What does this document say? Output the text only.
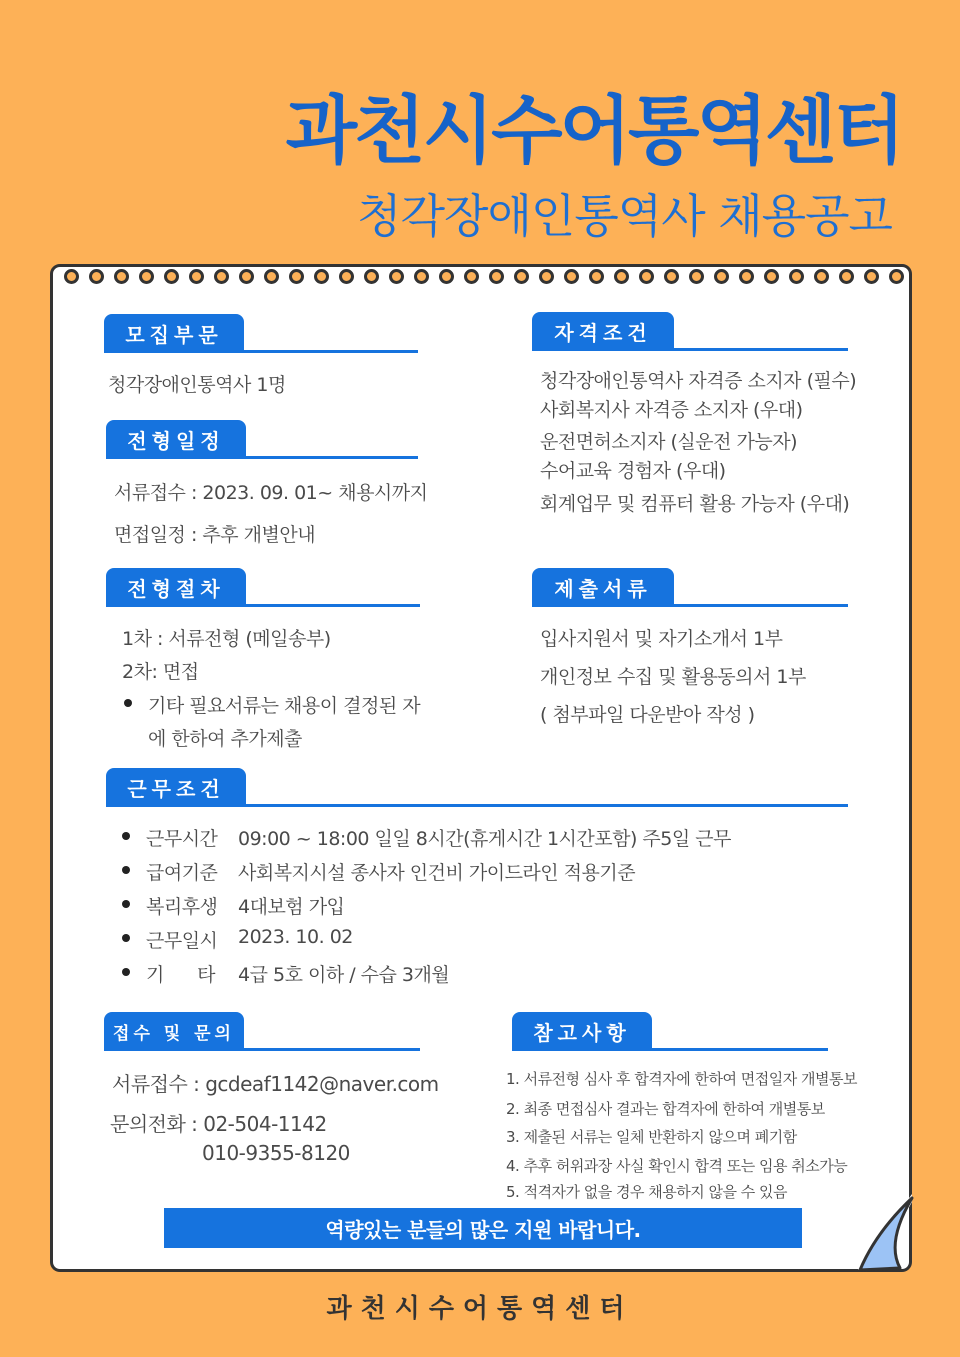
과천시수어통역센터
청각장애인통역사 채용공고
모집부문
청각장애인통역사 1명
자격조건
청각장애인통역사 자격증 소지자 (필수)
사회복지사 자격증 소지자 (우대)
운전면허소지자 (실운전 가능자)
수어교육 경험자 (우대)
회계업무 및 컴퓨터 활용 가능자 (우대)
전형일정
서류접수 : 2023. 09. 01~ 채용시까지
면접일정 : 추후 개별안내
전형절차
1차 : 서류전형 (메일송부)
2차: 면접
기타 필요서류는 채용이 결정된 자
에 한하여 추가제출
제출서류
입사지원서 및 자기소개서 1부
개인정보 수집 및 활용동의서 1부
( 첨부파일 다운받아 작성 )
근무조건
근무시간 09:00 ~ 18:00 일일 8시간(휴게시간 1시간포함) 주5일 근무
급여기준 사회복지시설 종사자 인건비 가이드라인 적용기준
복리후생 4대보험 가입
근무일시 2023. 10. 02
기      타 4급 5호 이하 / 수습 3개월
접수 및 문의
서류접수 : gcdeaf1142@naver.com
문의전화 : 02-504-1142
010-9355-8120
참고사항
1. 서류전형 심사 후 합격자에 한하여 면접일자 개별통보
2. 최종 면접심사 결과는 합격자에 한하여 개별통보
3. 제출된 서류는 일체 반환하지 않으며 폐기함
4. 추후 허위과장 사실 확인시 합격 또는 임용 취소가능
5. 적격자가 없을 경우 채용하지 않을 수 있음
역량있는 분들의 많은 지원 바랍니다.
과천시수어통역센터
